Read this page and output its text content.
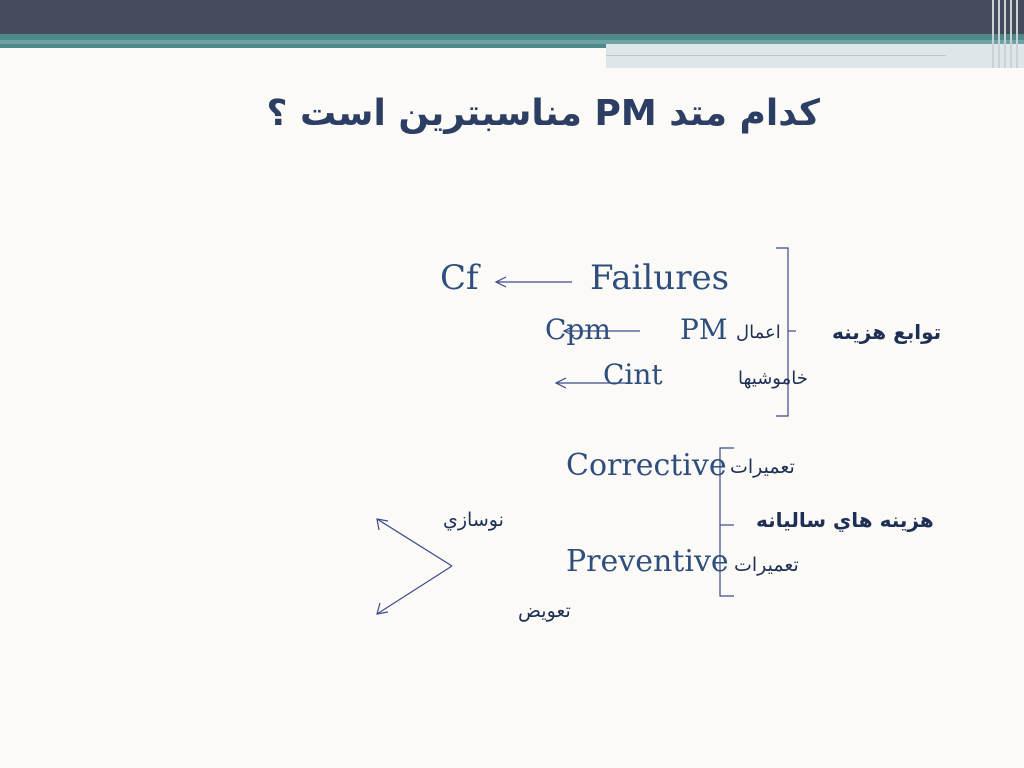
كدام متد PM مناسبترين است ؟
Cf	Failures
Cpm PM اعمال	توابع هزينه
Cint	خاموشيها
Corrective تعميرات
نوسازي	هزينه هاي ساليانه
Preventive تعميرات
تعويض
